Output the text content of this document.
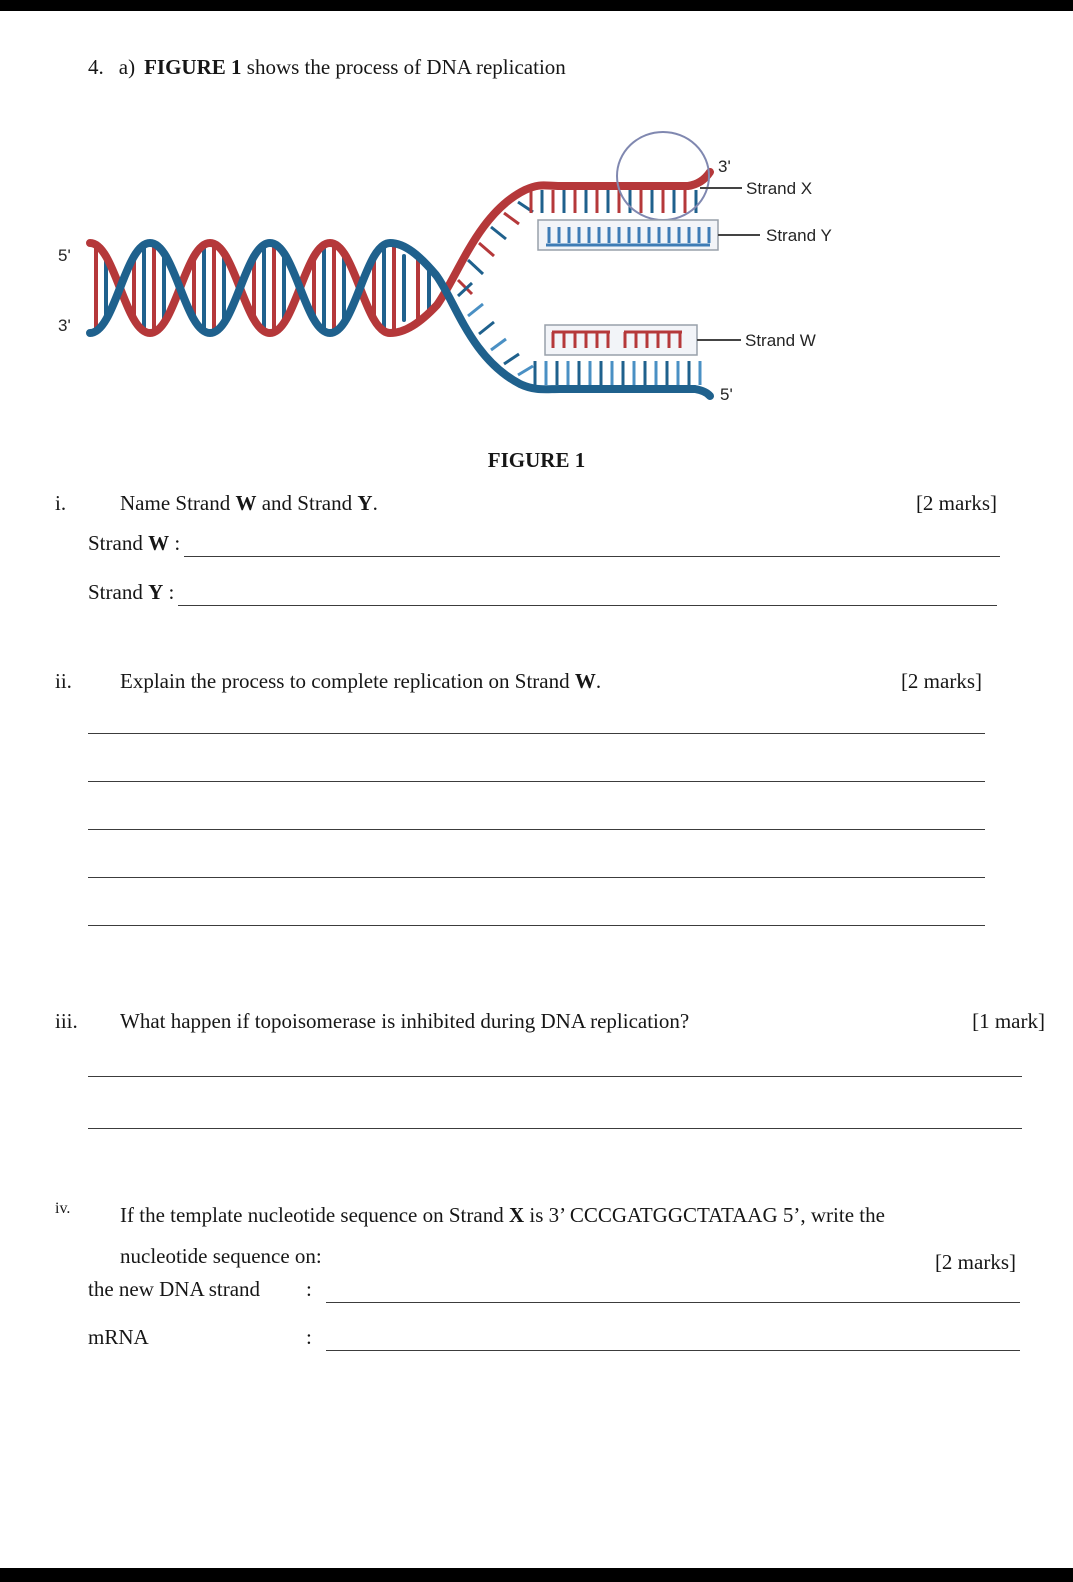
4. a) FIGURE 1 shows the process of DNA replication
5'
3'
3'
Strand X
Strand Y
Strand W
5'
FIGURE 1
i.	Name Strand W and Strand Y.	[2 marks]
Strand W :
Strand Y :
ii.	Explain the process to complete replication on Strand W.	[2 marks]
iii.	What happen if topoisomerase is inhibited during DNA replication?	[1 mark]
iv.	If the template nucleotide sequence on Strand X is 3’ CCCGATGGCTATAAG 5’, write the
nucleotide sequence on:	[2 marks]
the new DNA strand	:
mRNA	:
